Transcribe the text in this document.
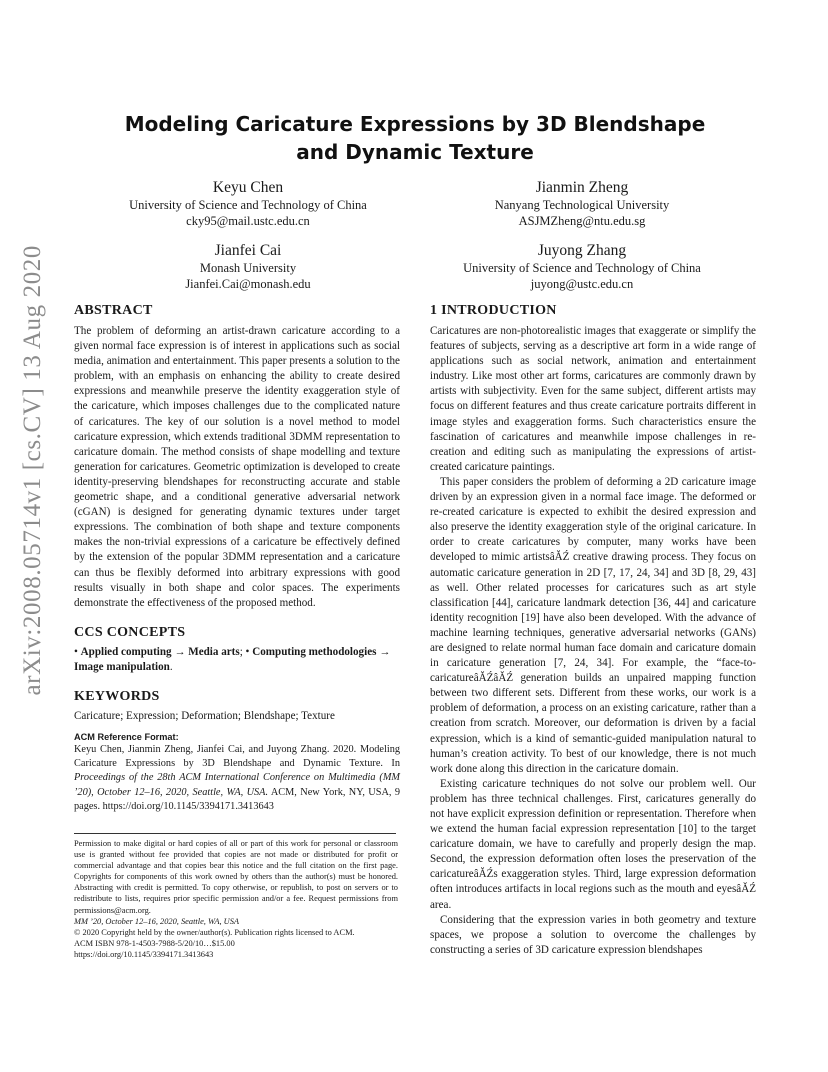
arXiv:2008.05714v1 [cs.CV] 13 Aug 2020
Modeling Caricature Expressions by 3D Blendshape and Dynamic Texture
Keyu Chen
University of Science and Technology of China
cky95@mail.ustc.edu.cn
Jianmin Zheng
Nanyang Technological University
ASJMZheng@ntu.edu.sg
Jianfei Cai
Monash University
Jianfei.Cai@monash.edu
Juyong Zhang
University of Science and Technology of China
juyong@ustc.edu.cn
ABSTRACT

The problem of deforming an artist-drawn caricature according to a given normal face expression is of interest in applications such as social media, animation and entertainment. This paper presents a solution to the problem, with an emphasis on enhancing the ability to create desired expressions and meanwhile preserve the identity exaggeration style of the caricature, which imposes challenges due to the complicated nature of caricatures. The key of our solution is a novel method to model caricature expression, which extends traditional 3DMM representation to caricature domain. The method consists of shape modelling and texture generation for caricatures. Geometric optimization is developed to create identity-preserving blendshapes for reconstructing accurate and stable geometric shape, and a conditional generative adversarial network (cGAN) is designed for generating dynamic textures under target expressions. The combination of both shape and texture components makes the non-trivial expressions of a caricature be effectively defined by the extension of the popular 3DMM representation and a caricature can thus be flexibly deformed into arbitrary expressions with good results visually in both shape and color spaces. The experiments demonstrate the effectiveness of the proposed method.

CCS CONCEPTS

• Applied computing → Media arts; • Computing methodologies → Image manipulation.

KEYWORDS

Caricature; Expression; Deformation; Blendshape; Texture

ACM Reference Format:

Keyu Chen, Jianmin Zheng, Jianfei Cai, and Juyong Zhang. 2020. Modeling Caricature Expressions by 3D Blendshape and Dynamic Texture. In Proceedings of the 28th ACM International Conference on Multimedia (MM ’20), October 12–16, 2020, Seattle, WA, USA. ACM, New York, NY, USA, 9 pages. https://doi.org/10.1145/3394171.3413643

Permission to make digital or hard copies of all or part of this work for personal or classroom use is granted without fee provided that copies are not made or distributed for profit or commercial advantage and that copies bear this notice and the full citation on the first page. Copyrights for components of this work owned by others than the author(s) must be honored. Abstracting with credit is permitted. To copy otherwise, or republish, to post on servers or to redistribute to lists, requires prior specific permission and/or a fee. Request permissions from permissions@acm.org.
MM ’20, October 12–16, 2020, Seattle, WA, USA
© 2020 Copyright held by the owner/author(s). Publication rights licensed to ACM.
ACM ISBN 978-1-4503-7988-5/20/10…$15.00
https://doi.org/10.1145/3394171.3413643
1 INTRODUCTION

Caricatures are non-photorealistic images that exaggerate or simplify the features of subjects, serving as a descriptive art form in a wide range of applications such as social network, animation and entertainment industry. Like most other art forms, caricatures are commonly drawn by artists with subjectivity. Even for the same subject, different artists may focus on different features and thus create caricature portraits different in image styles and exaggeration forms. Such characteristics ensure the fascination of caricatures and meanwhile impose challenges in re-creation and editing such as manipulating the expressions of artist-created caricature paintings.

This paper considers the problem of deforming a 2D caricature image driven by an expression given in a normal face image. The deformed or re-created caricature is expected to exhibit the desired expression and also preserve the identity exaggeration style of the original caricature. In order to create caricatures by computer, many works have been developed to mimic artistsâĂŹ creative drawing process. They focus on automatic caricature generation in 2D [7, 17, 24, 34] and 3D [8, 29, 43] as well. Other related processes for caricatures such as art style classification [44], caricature landmark detection [36, 44] and caricature identity recognition [19] have also been developed. With the advance of machine learning techniques, generative adversarial networks (GANs) are designed to relate normal human face domain and caricature domain in caricature generation [7, 24, 34]. For example, the “face-to-caricatureâĂŹâĂŹ generation builds an unpaired mapping function between two different sets. Different from these works, our work is a problem of deformation, a process on an existing caricature, rather than a creation from scratch. Moreover, our deformation is driven by a facial expression, which is a kind of semantic-guided manipulation natural to human’s creation activity. To best of our knowledge, there is not much work done along this direction in the caricature domain.

Existing caricature techniques do not solve our problem well. Our problem has three technical challenges. First, caricatures generally do not have explicit expression definition or representation. Therefore when we extend the human facial expression representation [10] to the target caricature domain, we have to carefully and properly design the map. Second, the expression deformation often loses the preservation of the caricatureâĂŹs exaggeration styles. Third, large expression deformation often introduces artifacts in local regions such as the mouth and eyesâĂŹ area.

Considering that the expression varies in both geometry and texture spaces, we propose a solution to overcome the challenges by constructing a series of 3D caricature expression blendshapes
